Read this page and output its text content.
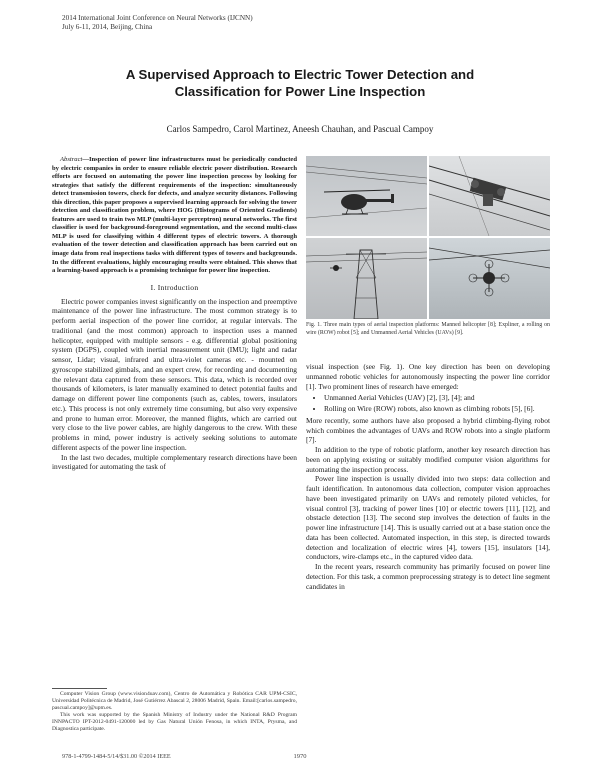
2014 International Joint Conference on Neural Networks (IJCNN)
July 6-11, 2014, Beijing, China
A Supervised Approach to Electric Tower Detection and
Classification for Power Line Inspection
Carlos Sampedro, Carol Martinez, Aneesh Chauhan, and Pascual Campoy

Abstract—Inspection of power line infrastructures must be periodically conducted by electric companies in order to ensure reliable electric power distribution. Research efforts are focused on automating the power line inspection process by looking for strategies that satisfy the different requirements of the inspection: simultaneously detect transmission towers, check for defects, and analyze security distances. Following this direction, this paper proposes a supervised learning approach for solving the tower detection and classification problem, where HOG (Histograms of Oriented Gradients) features are used to train two MLP (multi-layer perceptron) neural networks. The first classifier is used for background-foreground segmentation, and the second multi-class MLP is used for classifying within 4 different types of electric towers. A thorough evaluation of the tower detection and classification approach has been carried out on image data from real inspections tasks with different types of towers and backgrounds. In the different evaluations, highly encouraging results were obtained. This shows that a learning-based approach is a promising technique for power line inspection.

I. Introduction

Electric power companies invest significantly on the inspection and preemptive maintenance of the power line infrastructure. The most common strategy is to perform aerial inspection of the power line corridor, at regular intervals. The traditional (and the most common) approach to inspection uses a manned helicopter, equipped with multiple sensors - e.g. differential global positioning system (DGPS), coupled with inertial measurement unit (IMU); light and radar sensor, Lidar; visual, infrared and ultra-violet cameras etc. - mounted on gyroscope stabilized gimbals, and an expert crew, for recording and documenting the relevant data captured from these sensors. This data, which is recorded over thousands of kilometers, is later manually examined to detect potential faults and damage on different power line components (such as, cables, towers, insulators etc.). This process is not only extremely time consuming, but also very expensive and prone to human error. Moreover, the manned flights, which are carried out very close to the live power cables, are highly dangerous to the crew. With these problems in mind, power industry is actively seeking solutions to automate different aspects of the power line inspection.

In the last two decades, multiple complementary research directions have been investigated for automating the task of

Fig. 1. Three main types of aerial inspection platforms: Manned helicopter [8]; Expliner, a rolling on wire (ROW) robot [5]; and Unmanned Aerial Vehicles (UAVs) [9].

visual inspection (see Fig. 1). One key direction has been on developing unmanned robotic vehicles for autonomously inspecting the power line corridor [1]. Two prominent lines of research have emerged:

• Unmanned Aerial Vehicles (UAV) [2], [3], [4]; and
• Rolling on Wire (ROW) robots, also known as climbing robots [5], [6].

More recently, some authors have also proposed a hybrid climbing-flying robot which combines the advantages of UAVs and ROW robots into a single platform [7].

In addition to the type of robotic platform, another key research direction has been on applying existing or suitably modified computer vision algorithms for automating the inspection process.

Power line inspection is usually divided into two steps: data collection and fault identification. In autonomous data collection, computer vision approaches have been investigated primarily on UAVs and remotely piloted vehicles, for visual control [3], tracking of power lines [10] or electric towers [11], [12], and obstacle detection [13]. The second step involves the detection of faults in the power line infrastructure [14]. This is usually carried out at a base station once the data has been collected. Automated inspection, in this step, is directed towards detection and localization of electric wires [4], towers [15], insulators [14], conductors, wire-clamps etc., in the captured video data.

In the recent years, research community has primarily focused on power line detection. For this task, a common preprocessing strategy is to detect line segment candidates in

Computer Vision Group (www.vision4uav.com), Centro de Automática y Robótica CAR UPM-CSIC, Universidad Politécnica de Madrid, José Gutiérrez Abascal 2, 28006 Madrid, Spain. Email:[carlos.sampedro, pascual.campoy]@upm.es.

This work was supported by the Spanish Ministry of Industry under the National R&D Program INNPACTO IPT-2012-0491-120000 led by Gas Natural Unión Fenosa, in which INTA, Prysma, and Diagnostica participate.

978-1-4799-1484-5/14/$31.00 ©2014 IEEE	1970
